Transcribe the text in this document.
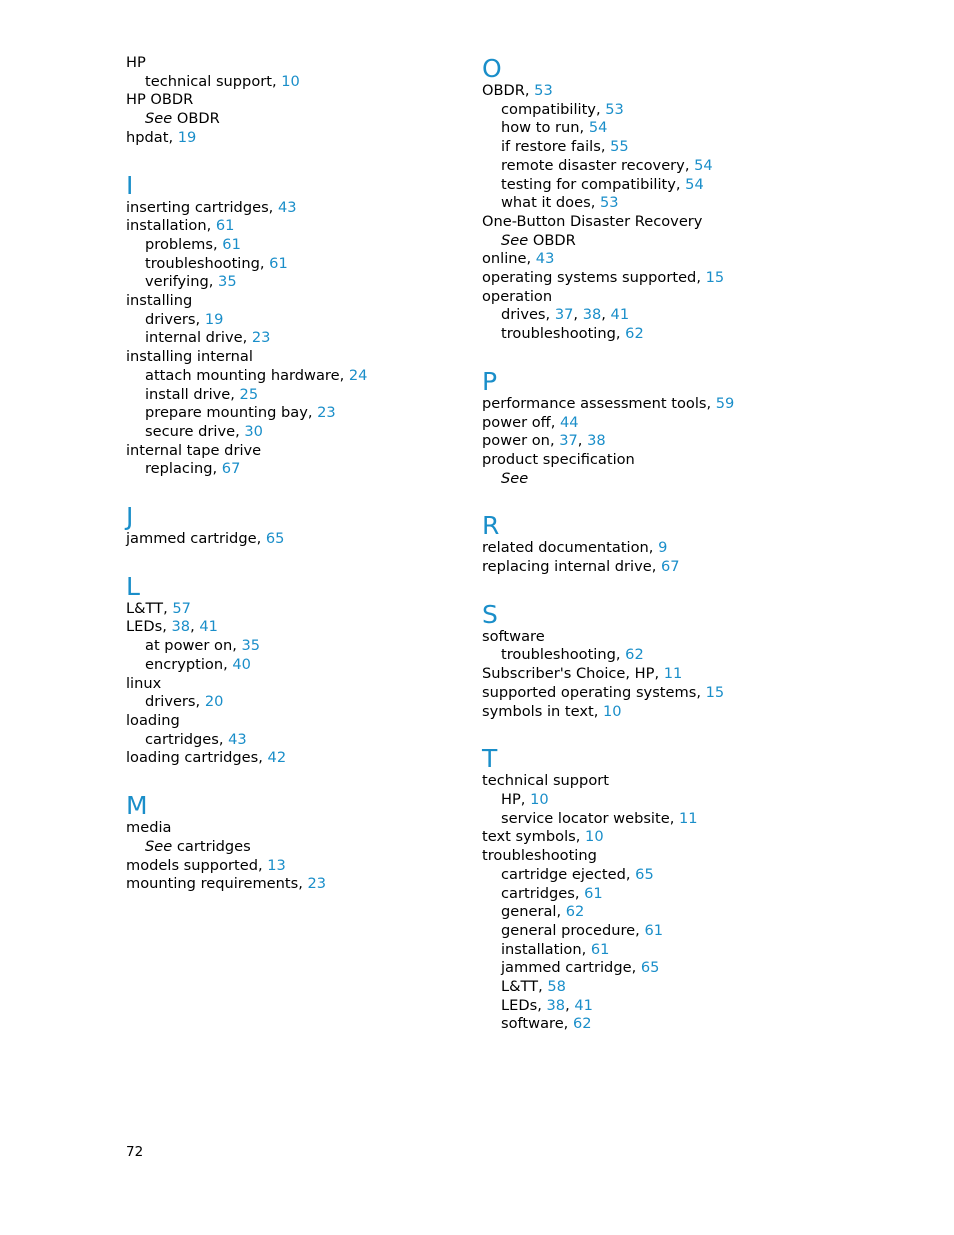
HP
technical support, 10
HP OBDR
See OBDR
hpdat, 19
I
inserting cartridges, 43
installation, 61
problems, 61
troubleshooting, 61
verifying, 35
installing
drivers, 19
internal drive, 23
installing internal
attach mounting hardware, 24
install drive, 25
prepare mounting bay, 23
secure drive, 30
internal tape drive
replacing, 67
J
jammed cartridge, 65
L
L&TT, 57
LEDs, 38, 41
at power on, 35
encryption, 40
linux
drivers, 20
loading
cartridges, 43
loading cartridges, 42
M
media
See cartridges
models supported, 13
mounting requirements, 23
O
OBDR, 53
compatibility, 53
how to run, 54
if restore fails, 55
remote disaster recovery, 54
testing for compatibility, 54
what it does, 53
One-Button Disaster Recovery
See OBDR
online, 43
operating systems supported, 15
operation
drives, 37, 38, 41
troubleshooting, 62
P
performance assessment tools, 59
power off, 44
power on, 37, 38
product specification
See
R
related documentation, 9
replacing internal drive, 67
S
software
troubleshooting, 62
Subscriber's Choice, HP, 11
supported operating systems, 15
symbols in text, 10
T
technical support
HP, 10
service locator website, 11
text symbols, 10
troubleshooting
cartridge ejected, 65
cartridges, 61
general, 62
general procedure, 61
installation, 61
jammed cartridge, 65
L&TT, 58
LEDs, 38, 41
software, 62
72
